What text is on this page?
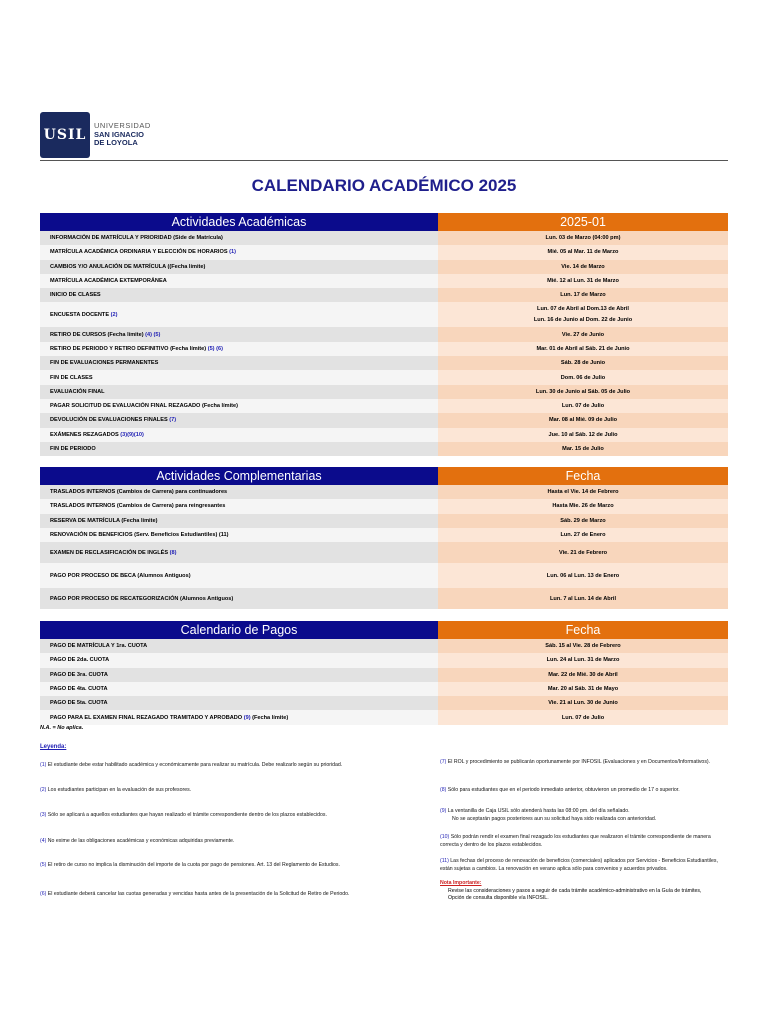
USIL
UNIVERSIDAD
SAN IGNACIO
DE LOYOLA
CALENDARIO ACADÉMICO 2025
Actividades Académicas	2025-01
INFORMACIÓN DE MATRÍCULA Y PRIORIDAD (Side de Matrícula)	Lun. 03 de Marzo (04:00 pm)

MATRÍCULA ACADÉMICA ORDINARIA Y ELECCIÓN DE HORARIOS (1)	Mié. 05 al Mar. 11 de Marzo

CAMBIOS Y/O ANULACIÓN DE MATRÍCULA ((Fecha límite)	Vie. 14 de Marzo

MATRÍCULA ACADÉMICA EXTEMPORÁNEA	Mié. 12 al Lun. 31 de Marzo

INICIO DE CLASES	Lun. 17 de Marzo

ENCUESTA DOCENTE (2)	Lun. 07 de Abril al Dom.13 de Abril
Lun. 16 de Junio al Dom. 22 de Junio

RETIRO DE CURSOS (Fecha límite) (4) (5)	Vie. 27 de Junio

RETIRO DE PERIODO Y RETIRO DEFINITIVO (Fecha límite) (5) (6)	Mar. 01 de Abril al Sáb. 21 de Junio

FIN DE EVALUACIONES PERMANENTES	Sáb. 28 de Junio

FIN DE CLASES	Dom. 06 de Julio

EVALUACIÓN FINAL	Lun. 30 de Junio al Sáb. 05 de Julio

PAGAR SOLICITUD DE EVALUACIÓN FINAL REZAGADO (Fecha límite)	Lun. 07 de Julio

DEVOLUCIÓN DE EVALUACIONES FINALES (7)	Mar. 08 al Mié. 09 de Julio

EXÁMENES REZAGADOS (3)(9)(10)	Jue. 10 al Sáb. 12 de Julio

FIN DE PERIODO	Mar. 15 de Julio
Actividades Complementarias	Fecha
TRASLADOS INTERNOS (Cambios de Carrera) para continuadores	Hasta el Vie. 14 de Febrero

TRASLADOS INTERNOS (Cambios de Carrera) para reingresantes	Hasta Mie. 26 de Marzo

RESERVA DE MATRÍCULA (Fecha límite)	Sáb. 29 de Marzo

RENOVACIÓN DE BENEFICIOS (Serv. Beneficios Estudiantiles) (11)	Lun. 27 de Enero

EXAMEN DE RECLASIFICACIÓN DE INGLÉS (8)	Vie. 21 de Febrero

PAGO POR PROCESO DE BECA (Alumnos Antiguos)	Lun. 06 al Lun. 13 de Enero

PAGO POR PROCESO DE RECATEGORIZACIÓN (Alumnos Antiguos)	Lun. 7 al Lun. 14 de Abril
Calendario de Pagos	Fecha
PAGO DE MATRÍCULA Y 1ra. CUOTA	Sáb. 15 al Vie. 28 de Febrero

PAGO DE 2da. CUOTA	Lun. 24 al Lun. 31 de Marzo

PAGO DE 3ra. CUOTA	Mar. 22 de Mié. 30 de Abril

PAGO DE 4ta. CUOTA	Mar. 20 al Sáb. 31 de Mayo

PAGO DE 5ta. CUOTA	Vie. 21 al Lun. 30 de Junio

PAGO PARA EL EXAMEN FINAL REZAGADO TRAMITADO Y APROBADO (9) (Fecha límite)	Lun. 07 de Julio
N.A. = No aplica.
Leyenda:
(1) El estudiante debe estar habilitado académica y económicamente para realizar su matrícula. Debe realizarlo según su prioridad.
(2) Los estudiantes participan en la evaluación de sus profesores.
(3) Sólo se aplicará a aquellos estudiantes que hayan realizado el trámite correspondiente dentro de los plazos establecidos.
(4) No exime de las obligaciones académicas y económicas adquiridas previamente.
(5) El retiro de curso no implica la disminución del importe de la cuota por pago de pensiones. Art. 13 del Reglamento de Estudios.
(6) El estudiante deberá cancelar las cuotas generadas y vencidas hasta antes de la presentación de la Solicitud de Retiro de Periodo.
(7) El ROL y procedimiento se publicarán oportunamente por INFOSIL (Evaluaciones y en Documentos/Informativos).
(8) Sólo para estudiantes que en el periodo inmediato anterior, obtuvieron un promedio de 17 o superior.
(9) La ventanilla de Caja USIL sólo atenderá hasta las 08:00 pm. del día señalado.
No se aceptarán pagos posteriores aun su solicitud haya sido realizada con anterioridad.
(10) Sólo podrán rendir el examen final rezagado los estudiantes que realizaron el trámite correspondiente de manera correcta y dentro de los plazos establecidos.
(11) Las fechas del proceso de renovación de beneficios (comerciales) aplicados por Servicios - Beneficios Estudiantiles, están sujetas a cambios. La renovación en verano aplica sólo para convenios y acuerdos privados.
Nota Importante:
Revise las consideraciones y pasos a seguir de cada trámite académico-administrativo en la Guía de trámites,
Opción de consulta disponible vía INFOSIL.
